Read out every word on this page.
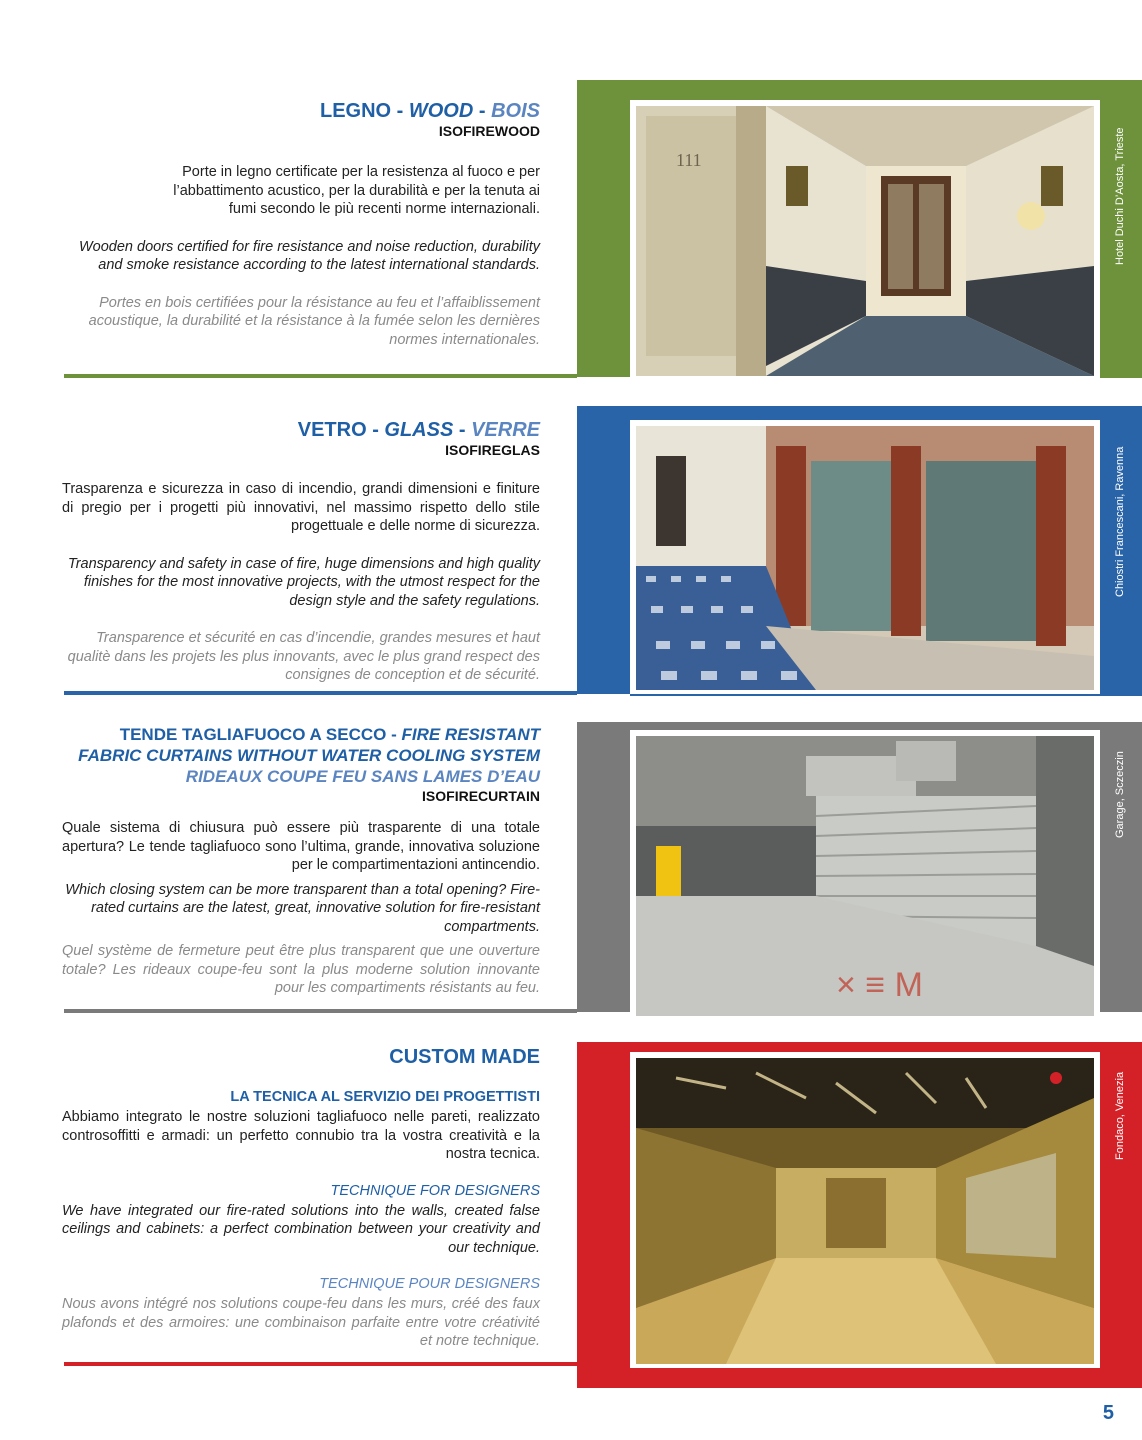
LEGNO - WOOD - BOIS
ISOFIREWOOD

Porte in legno certificate per la resistenza al fuoco e per l’abbattimento acustico, per la durabilità e per la tenuta ai fumi secondo le più recenti norme internazionali.

Wooden doors certified for fire resistance and noise reduction, durability and smoke resistance according to the latest international standards.

Portes en bois certifiées pour la résistance au feu et l’affaiblissement acoustique, la durabilité et la résistance à la fumée selon les dernières normes internationales.

111	Hotel Duchi D’Aosta, Trieste
VETRO - GLASS - VERRE
ISOFIREGLAS

Trasparenza e sicurezza in caso di incendio, grandi dimensioni e finiture di pregio per i progetti più innovativi, nel massimo rispetto dello stile progettuale e delle norme di sicurezza.

Transparency and safety in case of fire, huge dimensions and high quality finishes for the most innovative projects, with the utmost respect for the design style and the safety regulations.

Transparence et sécurité en cas d’incendie, grandes mesures et haut qualitè dans les projets les plus innovants, avec le plus grand respect des consignes de conception et de sécurité.

Chiostri Francescani, Ravenna
TENDE TAGLIAFUOCO A SECCO - FIRE RESISTANT FABRIC CURTAINS WITHOUT WATER COOLING SYSTEM
RIDEAUX COUPE FEU SANS LAMES D’EAU
ISOFIRECURTAIN

Quale sistema di chiusura può essere più trasparente di una totale apertura? Le tende tagliafuoco sono l’ultima, grande, innovativa soluzione per le compartimentazioni antincendio.

Which closing system can be more transparent than a total opening? Fire-rated curtains are the latest, great, innovative solution for fire-resistant compartments.

Quel système de fermeture peut être plus transparent que une ouverture totale? Les rideaux coupe-feu sont la plus moderne solution innovante pour les compartiments résistants au feu.	× ≡ M
Garage, Sczeczin
CUSTOM MADE
LA TECNICA AL SERVIZIO DEI PROGETTISTI

Abbiamo integrato le nostre soluzioni tagliafuoco nelle pareti, realizzato controsoffitti e armadi: un perfetto connubio tra la vostra creatività e la nostra tecnica.

TECHNIQUE FOR DESIGNERS

We have integrated our fire-rated solutions into the walls, created false ceilings and cabinets: a perfect combination between your creativity and our technique.

TECHNIQUE POUR DESIGNERS

Nous avons intégré nos solutions coupe-feu dans les murs, créé des faux plafonds et des armoires: une combinaison parfaite entre votre créativité et notre technique.

Fondaco, Venezia
5
